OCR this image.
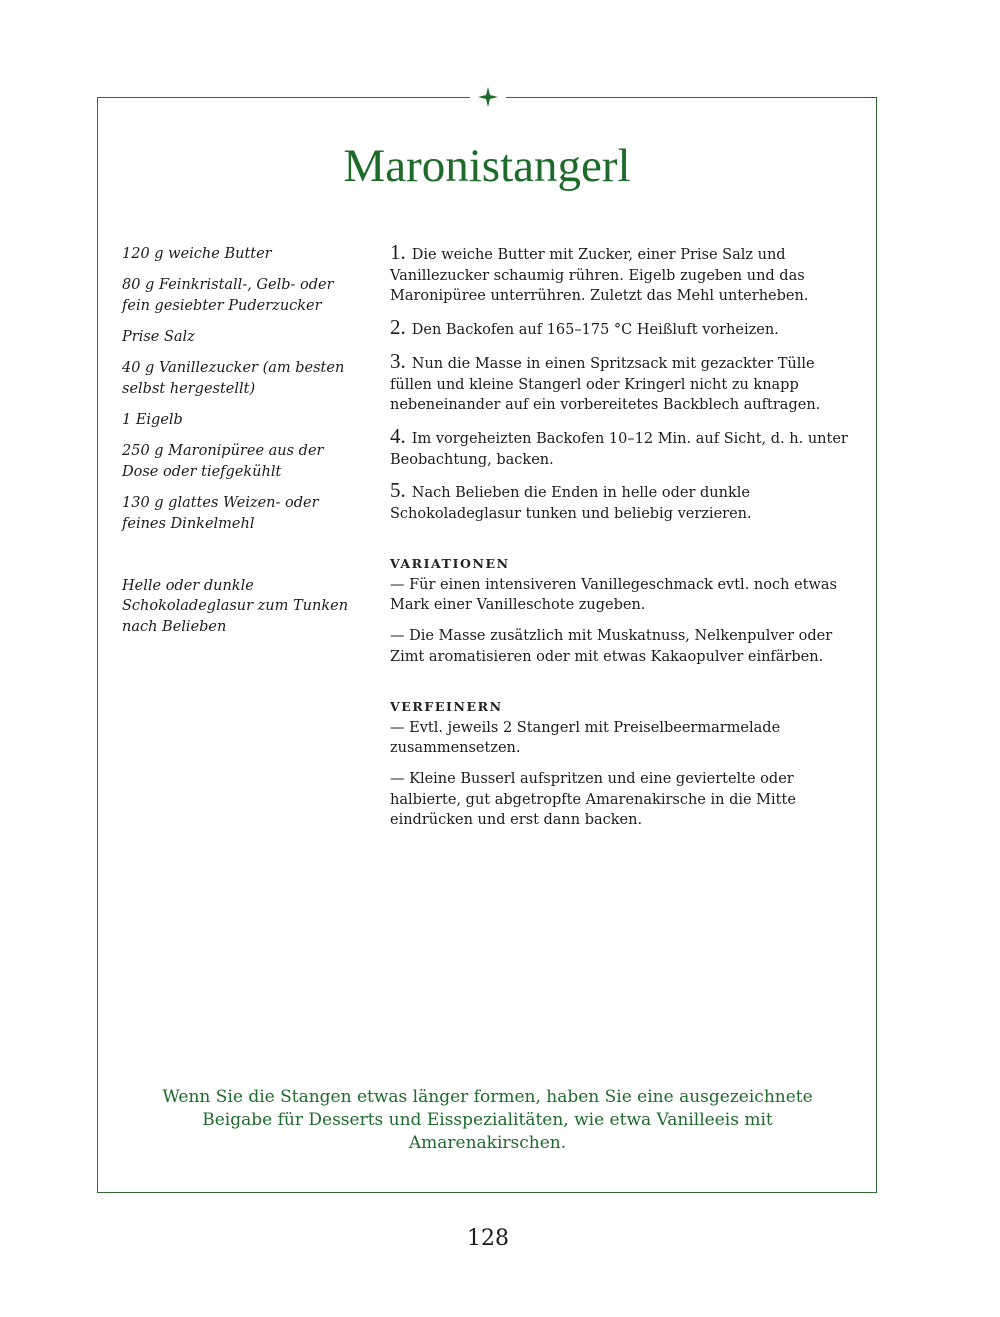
Maronistangerl

120 g weiche Butter

80 g Feinkristall-, Gelb- oder fein gesiebter Puderzucker

Prise Salz

40 g Vanillezucker (am besten selbst hergestellt)

1 Eigelb

250 g Maronipüree aus der Dose oder tiefgekühlt

130 g glattes Weizen- oder feines Dinkelmehl

Helle oder dunkle Schokoladeglasur zum Tunken nach Belieben

1. Die weiche Butter mit Zucker, einer Prise Salz und Vanillezucker schaumig rühren. Eigelb zugeben und das Maronipüree unterrühren. Zuletzt das Mehl unterheben.
2. Den Backofen auf 165–175 °C Heißluft vorheizen.
3. Nun die Masse in einen Spritzsack mit gezackter Tülle füllen und kleine Stangerl oder Kringerl nicht zu knapp nebeneinander auf ein vorbereitetes Backblech auftragen.
4. Im vorgeheizten Backofen 10–12 Min. auf Sicht, d. h. unter Beobachtung, backen.
5. Nach Belieben die Enden in helle oder dunkle Schokoladeglasur tunken und beliebig verzieren.
VARIATIONEN

— Für einen intensiveren Vanillegeschmack evtl. noch etwas Mark einer Vanilleschote zugeben.

— Die Masse zusätzlich mit Muskatnuss, Nelkenpulver oder Zimt aromatisieren oder mit etwas Kakaopulver einfärben.

VERFEINERN

— Evtl. jeweils 2 Stangerl mit Preiselbeermarmelade zusammensetzen.

— Kleine Busserl aufspritzen und eine geviertelte oder halbierte, gut abgetropfte Amarenakirsche in die Mitte eindrücken und erst dann backen.

Wenn Sie die Stangen etwas länger formen, haben Sie eine ausgezeichnete Beigabe für Desserts und Eisspezialitäten, wie etwa Vanilleeis mit Amarenakirschen.

128
